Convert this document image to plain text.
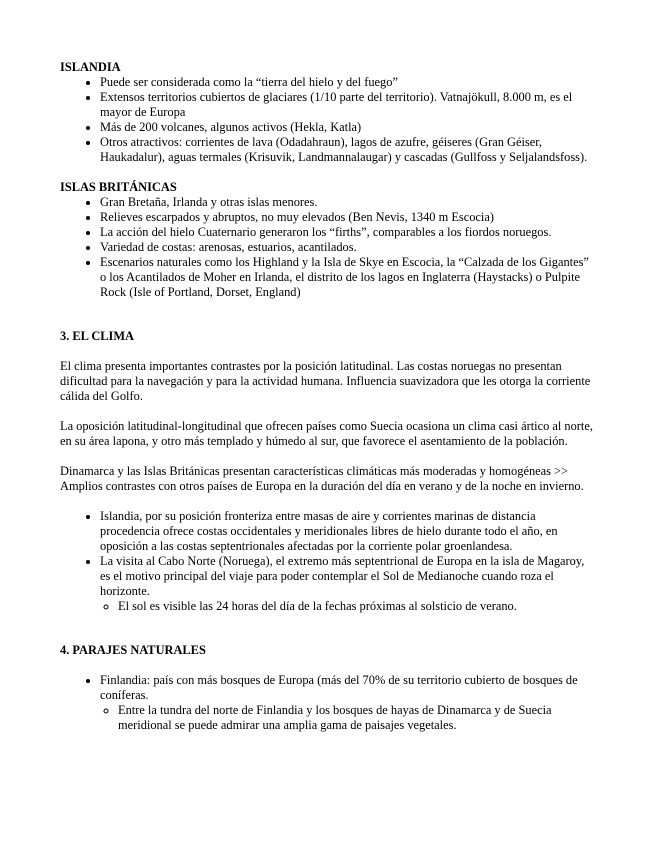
ISLANDIA
• Puede ser considerada como la “tierra del hielo y del fuego”
• Extensos territorios cubiertos de glaciares (1/10 parte del territorio). Vatnajökull, 8.000 m, es el mayor de Europa
• Más de 200 volcanes, algunos activos (Hekla, Katla)
• Otros atractivos: corrientes de lava (Odadahraun), lagos de azufre, géiseres (Gran Géiser, Haukadalur), aguas termales (Krisuvik, Landmannalaugar) y cascadas (Gullfoss y Seljalandsfoss).
ISLAS BRITÁNICAS
• Gran Bretaña, Irlanda y otras islas menores.
• Relieves escarpados y abruptos, no muy elevados (Ben Nevis, 1340 m Escocia)
• La acción del hielo Cuaternario generaron los “firths”, comparables a los fiordos noruegos.
• Variedad de costas: arenosas, estuarios, acantilados.
• Escenarios naturales como los Highland y la Isla de Skye en Escocia, la “Calzada de los Gigantes” o los Acantilados de Moher en Irlanda, el distrito de los lagos en Inglaterra (Haystacks) o Pulpite Rock (Isle of Portland, Dorset, England)
3. EL CLIMA

El clima presenta importantes contrastes por la posición latitudinal. Las costas noruegas no presentan dificultad para la navegación y para la actividad humana. Influencia suavizadora que les otorga la corriente cálida del Golfo.

La oposición latitudinal-longitudinal que ofrecen países como Suecia ocasiona un clima casi ártico al norte, en su área lapona, y otro más templado y húmedo al sur, que favorece el asentamiento de la población.

Dinamarca y las Islas Británicas presentan características climáticas más moderadas y homogéneas >> Amplios contrastes con otros países de Europa en la duración del día en verano y de la noche en invierno.

• Islandia, por su posición fronteriza entre masas de aire y corrientes marinas de distancia procedencia ofrece costas occidentales y meridionales libres de hielo durante todo el año, en oposición a las costas septentrionales afectadas por la corriente polar groenlandesa.
• La visita al Cabo Norte (Noruega), el extremo más septentrional de Europa en la isla de Magaroy, es el motivo principal del viaje para poder contemplar el Sol de Medianoche cuando roza el horizonte.
◦ El sol es visible las 24 horas del día de la fechas próximas al solsticio de verano.
4. PARAJES NATURALES
• Finlandia: país con más bosques de Europa (más del 70% de su territorio cubierto de bosques de coníferas.
◦ Entre la tundra del norte de Finlandia y los bosques de hayas de Dinamarca y de Suecia meridional se puede admirar una amplia gama de paisajes vegetales.
